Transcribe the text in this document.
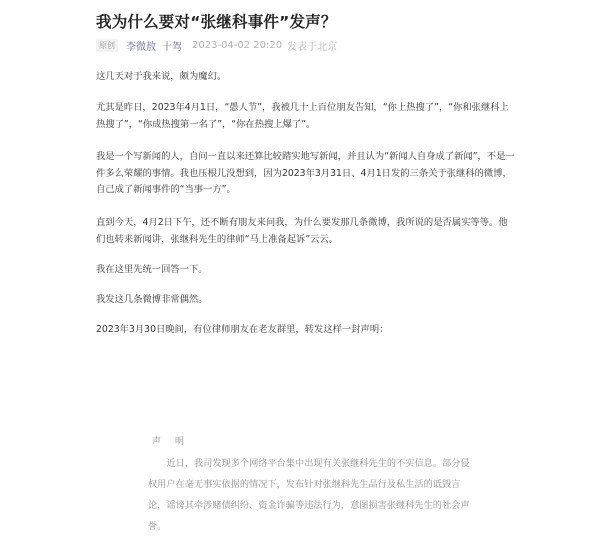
我为什么要对“张继科事件”发声？
原创	李微敖 十驾 2023-04-02 20:20 发表于北京

这几天对于我来说，颇为魔幻。

尤其是昨日，2023年4月1日，“愚人节”，我被几十上百位朋友告知，“你上热搜了”，“你和张继科上热搜了”，“你成热搜第一名了”，“你在热搜上爆了”。

我是一个写新闻的人，自问一直以来还算比较踏实地写新闻，并且认为“新闻人自身成了新闻”，不是一件多么荣耀的事情。我也压根儿没想到，因为2023年3月31日、4月1日发的三条关于张继科的微博，自己成了新闻事件的“当事一方”。

直到今天，4月2日下午，还不断有朋友来问我，为什么要发那几条微博，我所说的是否属实等等。他们也转来新闻讲，张继科先生的律师“马上准备起诉”云云。

我在这里先统一回答一下。

我发这几条微博非常偶然。

2023年3月30日晚间，有位律师朋友在老友群里，转发这样一封声明：

声明

近日，我司发现多个网络平台集中出现有关张继科先生的不实信息。部分侵权用户在毫无事实依据的情况下，发布针对张继科先生品行及私生活的诋毁言论，谣谤其牵涉赌债纠纷、资金诈骗等违法行为，意图损害张继科先生的社会声誉。
